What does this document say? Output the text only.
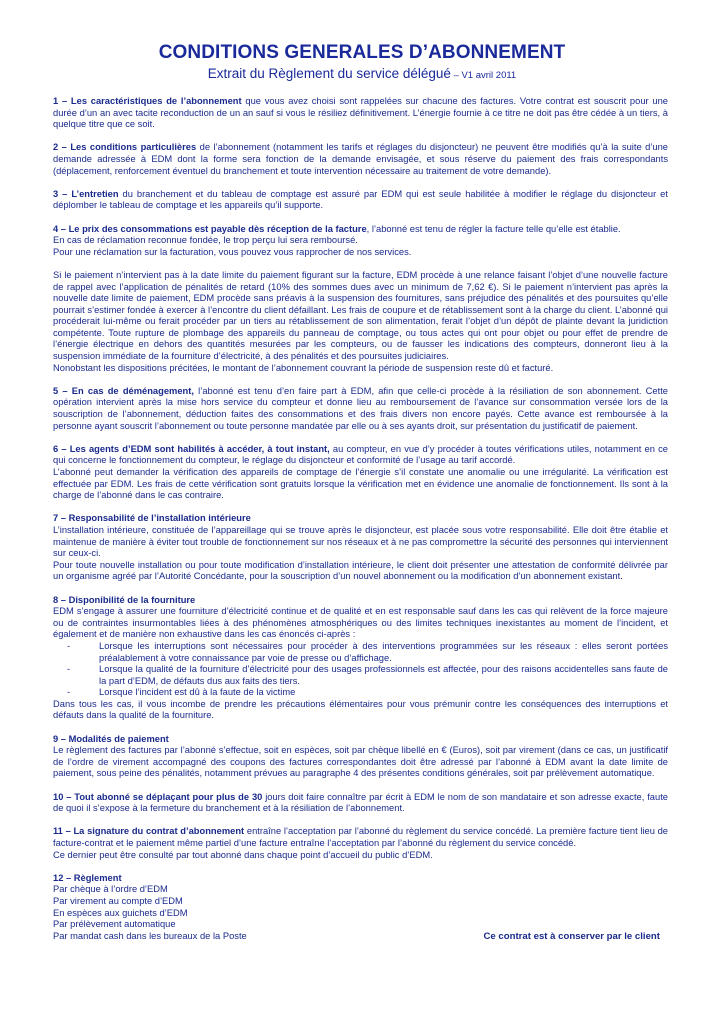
CONDITIONS GENERALES D’ABONNEMENT
Extrait du Règlement du service délégué – V1 avril 2011

1 – Les caractéristiques de l’abonnement que vous avez choisi sont rappelées sur chacune des factures. Votre contrat est souscrit pour une durée d’un an avec tacite reconduction de un an sauf si vous le résiliez définitivement. L’énergie fournie à ce titre ne doit pas être cédée à un tiers, à quelque titre que ce soit.

2 – Les conditions particulières de l’abonnement (notamment les tarifs et réglages du disjoncteur) ne peuvent être modifiés qu’à la suite d’une demande adressée à EDM dont la forme sera fonction de la demande envisagée, et sous réserve du paiement des frais correspondants (déplacement, renforcement éventuel du branchement et toute intervention nécessaire au traitement de votre demande).

3 – L’entretien du branchement et du tableau de comptage est assuré par EDM qui est seule habilitée à modifier le réglage du disjoncteur et déplomber le tableau de comptage et les appareils qu’il supporte.

4 – Le prix des consommations est payable dès réception de la facture, l’abonné est tenu de régler la facture telle qu’elle est établie.

En cas de réclamation reconnue fondée, le trop perçu lui sera remboursé.

Pour une réclamation sur la facturation, vous pouvez vous rapprocher de nos services.

Si le paiement n’intervient pas à la date limite du paiement figurant sur la facture, EDM procède à une relance faisant l’objet d’une nouvelle facture de rappel avec l’application de pénalités de retard (10% des sommes dues avec un minimum de 7,62 €). Si le paiement n’intervient pas après la nouvelle date limite de paiement, EDM procède sans préavis à la suspension des fournitures, sans préjudice des pénalités et des poursuites qu’elle pourrait s’estimer fondée à exercer à l’encontre du client défaillant. Les frais de coupure et de rétablissement sont à la charge du client. L’abonné qui procéderait lui-même ou ferait procéder par un tiers au rétablissement de son alimentation, ferait l’objet d’un dépôt de plainte devant la juridiction compétente. Toute rupture de plombage des appareils du panneau de comptage, ou tous actes qui ont pour objet ou pour effet de prendre de l’énergie électrique en dehors des quantités mesurées par les compteurs, ou de fausser les indications des compteurs, donneront lieu à la suspension immédiate de la fourniture d’électricité, à des pénalités et des poursuites judiciaires.

Nonobstant les dispositions précitées, le montant de l’abonnement couvrant la période de suspension reste dû et facturé.

5 – En cas de déménagement, l’abonné est tenu d’en faire part à EDM, afin que celle-ci procède à la résiliation de son abonnement. Cette opération intervient après la mise hors service du compteur et donne lieu au remboursement de l’avance sur consommation versée lors de la souscription de l’abonnement, déduction faites des consommations et des frais divers non encore payés. Cette avance est remboursée à la personne ayant souscrit l’abonnement ou toute personne mandatée par elle ou à ses ayants droit, sur présentation du justificatif de paiement.

6 – Les agents d’EDM sont habilités à accéder, à tout instant, au compteur, en vue d’y procéder à toutes vérifications utiles, notamment en ce qui concerne le fonctionnement du compteur, le réglage du disjoncteur et conformité de l’usage au tarif accordé.

L’abonné peut demander la vérification des appareils de comptage de l’énergie s’il constate une anomalie ou une irrégularité. La vérification est effectuée par EDM. Les frais de cette vérification sont gratuits lorsque la vérification met en évidence une anomalie de fonctionnement. Ils sont à la charge de l’abonné dans le cas contraire.

7 – Responsabilité de l’installation intérieure

L’installation intérieure, constituée de l’appareillage qui se trouve après le disjoncteur, est placée sous votre responsabilité. Elle doit être établie et maintenue de manière à éviter tout trouble de fonctionnement sur nos réseaux et à ne pas compromettre la sécurité des personnes qui interviennent sur ceux-ci.

Pour toute nouvelle installation ou pour toute modification d’installation intérieure, le client doit présenter une attestation de conformité délivrée par un organisme agréé par l’Autorité Concédante, pour la souscription d’un nouvel abonnement ou la modification d’un abonnement existant.

8 – Disponibilité de la fourniture

EDM s’engage à assurer une fourniture d’électricité continue et de qualité et en est responsable sauf dans les cas qui relèvent de la force majeure ou de contraintes insurmontables liées à des phénomènes atmosphériques ou des limites techniques inexistantes au moment de l’incident, et également et de manière non exhaustive dans les cas énoncés ci-après :

-	Lorsque les interruptions sont nécessaires pour procéder à des interventions programmées sur les réseaux : elles seront portées préalablement à votre connaissance par voie de presse ou d’affichage.
-	Lorsque la qualité de la fourniture d’électricité pour des usages professionnels est affectée, pour des raisons accidentelles sans faute de la part d’EDM, de défauts dus aux faits des tiers.
-	Lorsque l’incident est dû à la faute de la victime

Dans tous les cas, il vous incombe de prendre les précautions élémentaires pour vous prémunir contre les conséquences des interruptions et défauts dans la qualité de la fourniture.

9 – Modalités de paiement

Le règlement des factures par l’abonné s’effectue, soit en espèces, soit par chèque libellé en € (Euros), soit par virement (dans ce cas, un justificatif de l’ordre de virement accompagné des coupons des factures correspondantes doit être adressé par l’abonné à EDM avant la date limite de paiement, sous peine des pénalités, notamment prévues au paragraphe 4 des présentes conditions générales, soit par prélèvement automatique.

10 – Tout abonné se déplaçant pour plus de 30 jours doit faire connaître par écrit à EDM le nom de son mandataire et son adresse exacte, faute de quoi il s’expose à la fermeture du branchement et à la résiliation de l’abonnement.

11 – La signature du contrat d’abonnement entraîne l’acceptation par l’abonné du règlement du service concédé. La première facture tient lieu de facture-contrat et le paiement même partiel d’une facture entraîne l’acceptation par l’abonné du règlement du service concédé.

Ce dernier peut être consulté par tout abonné dans chaque point d’accueil du public d’EDM.

12 – Règlement

Par chèque à l’ordre d’EDM

Par virement au compte d’EDM

En espèces aux guichets d’EDM

Par prélèvement automatique

Par mandat cash dans les bureaux de la Poste	Ce contrat est à conserver par le client
